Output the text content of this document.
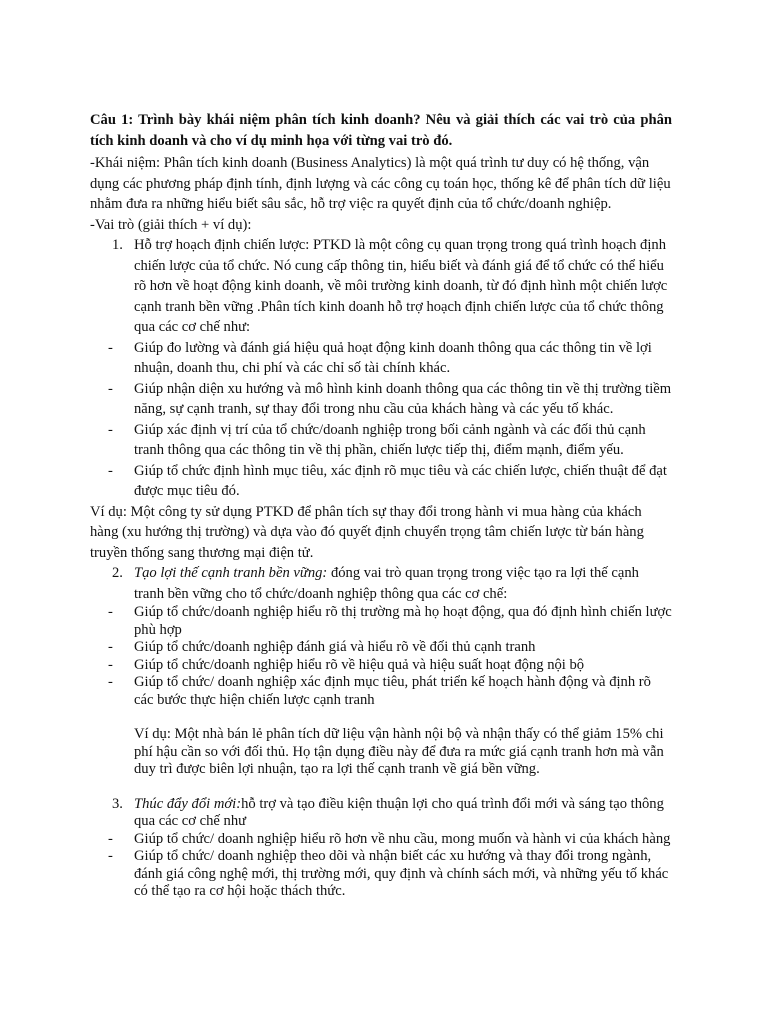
Câu 1: Trình bày khái niệm phân tích kinh doanh? Nêu và giải thích các vai trò của phân tích kinh doanh và cho ví dụ minh họa với từng vai trò đó.

-Khái niệm: Phân tích kinh doanh (Business Analytics) là một quá trình tư duy có hệ thống, vận dụng các phương pháp định tính, định lượng và các công cụ toán học, thống kê để phân tích dữ liệu nhằm đưa ra những hiểu biết sâu sắc, hỗ trợ việc ra quyết định của tổ chức/doanh nghiệp.

-Vai trò (giải thích + ví dụ):

1. Hỗ trợ hoạch định chiến lược: PTKD là một công cụ quan trọng trong quá trình hoạch định chiến lược của tổ chức. Nó cung cấp thông tin, hiểu biết và đánh giá để tổ chức có thể hiểu rõ hơn về hoạt động kinh doanh, về môi trường kinh doanh, từ đó định hình một chiến lược cạnh tranh bền vững .Phân tích kinh doanh hỗ trợ hoạch định chiến lược của tổ chức thông qua các cơ chế như:
-	Giúp đo lường và đánh giá hiệu quả hoạt động kinh doanh thông qua các thông tin về lợi nhuận, doanh thu, chi phí và các chỉ số tài chính khác.
-	Giúp nhận diện xu hướng và mô hình kinh doanh thông qua các thông tin về thị trường tiềm năng, sự cạnh tranh, sự thay đổi trong nhu cầu của khách hàng và các yếu tố khác.
-	Giúp xác định vị trí của tổ chức/doanh nghiệp trong bối cảnh ngành và các đối thủ cạnh tranh thông qua các thông tin về thị phần, chiến lược tiếp thị, điểm mạnh, điểm yếu.
-	Giúp tổ chức định hình mục tiêu, xác định rõ mục tiêu và các chiến lược, chiến thuật để đạt được mục tiêu đó.

Ví dụ: Một công ty sử dụng PTKD để phân tích sự thay đổi trong hành vi mua hàng của khách hàng (xu hướng thị trường) và dựa vào đó quyết định chuyển trọng tâm chiến lược từ bán hàng truyền thống sang thương mại điện tử.

2. Tạo lợi thế cạnh tranh bền vững: đóng vai trò quan trọng trong việc tạo ra lợi thế cạnh tranh bền vững cho tổ chức/doanh nghiệp thông qua các cơ chế:
-	Giúp tổ chức/doanh nghiệp hiểu rõ thị trường mà họ hoạt động, qua đó định hình chiến lược phù hợp
-	Giúp tổ chức/doanh nghiệp đánh giá và hiểu rõ về đối thủ cạnh tranh
-	Giúp tổ chức/doanh nghiệp hiểu rõ về hiệu quả và hiệu suất hoạt động nội bộ
-	Giúp tổ chức/ doanh nghiệp xác định mục tiêu, phát triển kế hoạch hành động và định rõ các bước thực hiện chiến lược cạnh tranh

Ví dụ: Một nhà bán lẻ phân tích dữ liệu vận hành nội bộ và nhận thấy có thể giảm 15% chi phí hậu cần so với đối thủ. Họ tận dụng điều này để đưa ra mức giá cạnh tranh hơn mà vẫn duy trì được biên lợi nhuận, tạo ra lợi thế cạnh tranh về giá bền vững.

3. Thúc đẩy đổi mới:hỗ trợ và tạo điều kiện thuận lợi cho quá trình đổi mới và sáng tạo thông qua các cơ chế như
-	Giúp tổ chức/ doanh nghiệp hiểu rõ hơn về nhu cầu, mong muốn và hành vi của khách hàng
-	Giúp tổ chức/ doanh nghiệp theo dõi và nhận biết các xu hướng và thay đổi trong ngành, đánh giá công nghệ mới, thị trường mới, quy định và chính sách mới, và những yếu tố khác có thể tạo ra cơ hội hoặc thách thức.
